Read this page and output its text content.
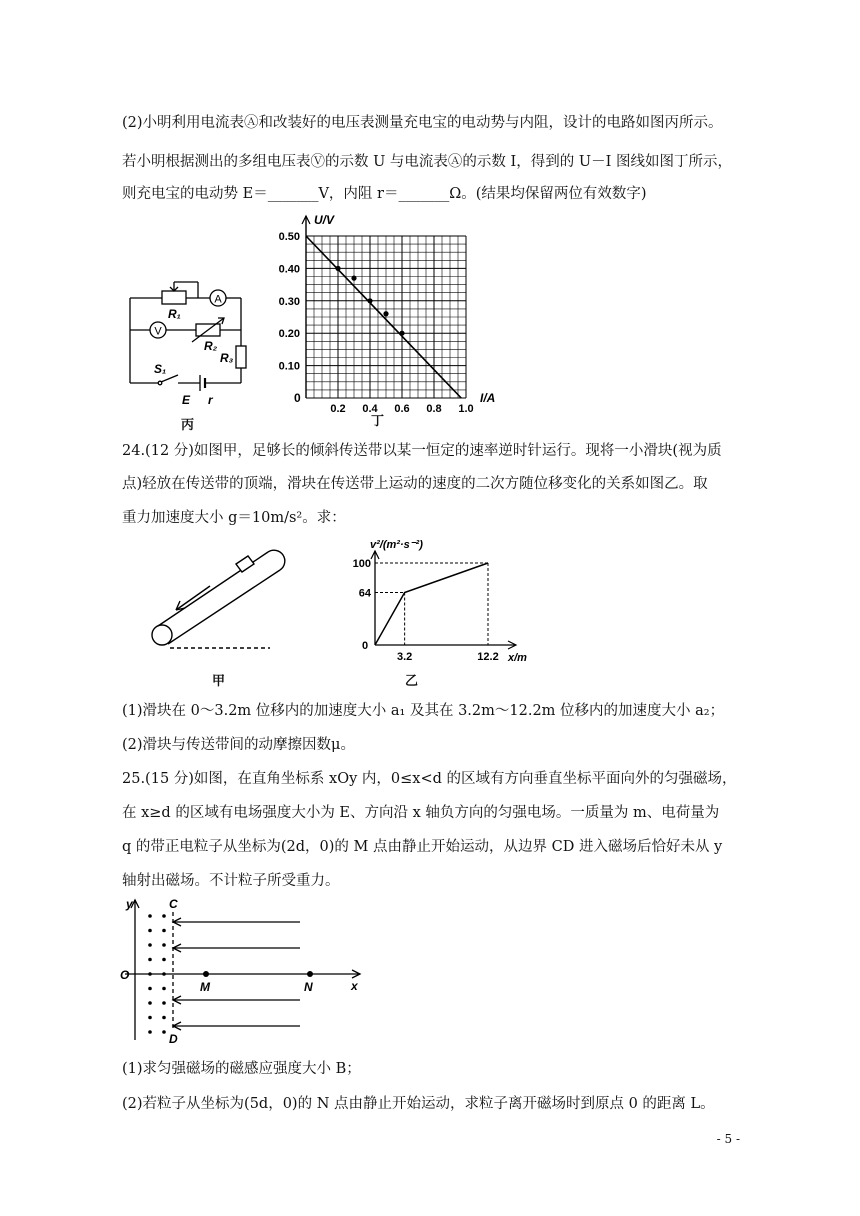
(2)小明利用电流表Ⓐ和改装好的电压表测量充电宝的电动势与内阻，设计的电路如图丙所示。
若小明根据测出的多组电压表Ⓥ的示数 U 与电流表Ⓐ的示数 I，得到的 U－I 图线如图丁所示，
则充电宝的电动势 E＝_______V，内阻 r＝_______Ω。(结果均保留两位有效数字)
A
V
R₁
R₂
R₃
S₁
E r
丙
0.10
0.20
0.30
0.40
0.50
0.2 0.4 0.6 0.8 1.0
U/V
I/A
0
丁
24.(12 分)如图甲，足够长的倾斜传送带以某一恒定的速率逆时针运行。现将一小滑块(视为质
点)轻放在传送带的顶端，滑块在传送带上运动的速度的二次方随位移变化的关系如图乙。取
重力加速度大小 g＝10m/s²。求：
甲
64
100
3.2	12.2
v²/(m²·s⁻²)
x/m
0
乙
(1)滑块在 0～3.2m 位移内的加速度大小 a₁ 及其在 3.2m～12.2m 位移内的加速度大小 a₂；
(2)滑块与传送带间的动摩擦因数μ。
25.(15 分)如图，在直角坐标系 xOy 内，0≤x<d 的区域有方向垂直坐标平面向外的匀强磁场，
在 x≥d 的区域有电场强度大小为 E、方向沿 x 轴负方向的匀强电场。一质量为 m、电荷量为
q 的带正电粒子从坐标为(2d，0)的 M 点由静止开始运动，从边界 CD 进入磁场后恰好未从 y
轴射出磁场。不计粒子所受重力。
y	C
D
O
M	N	x
(1)求匀强磁场的磁感应强度大小 B；
(2)若粒子从坐标为(5d，0)的 N 点由静止开始运动，求粒子离开磁场时到原点 0 的距离 L。
- 5 -
